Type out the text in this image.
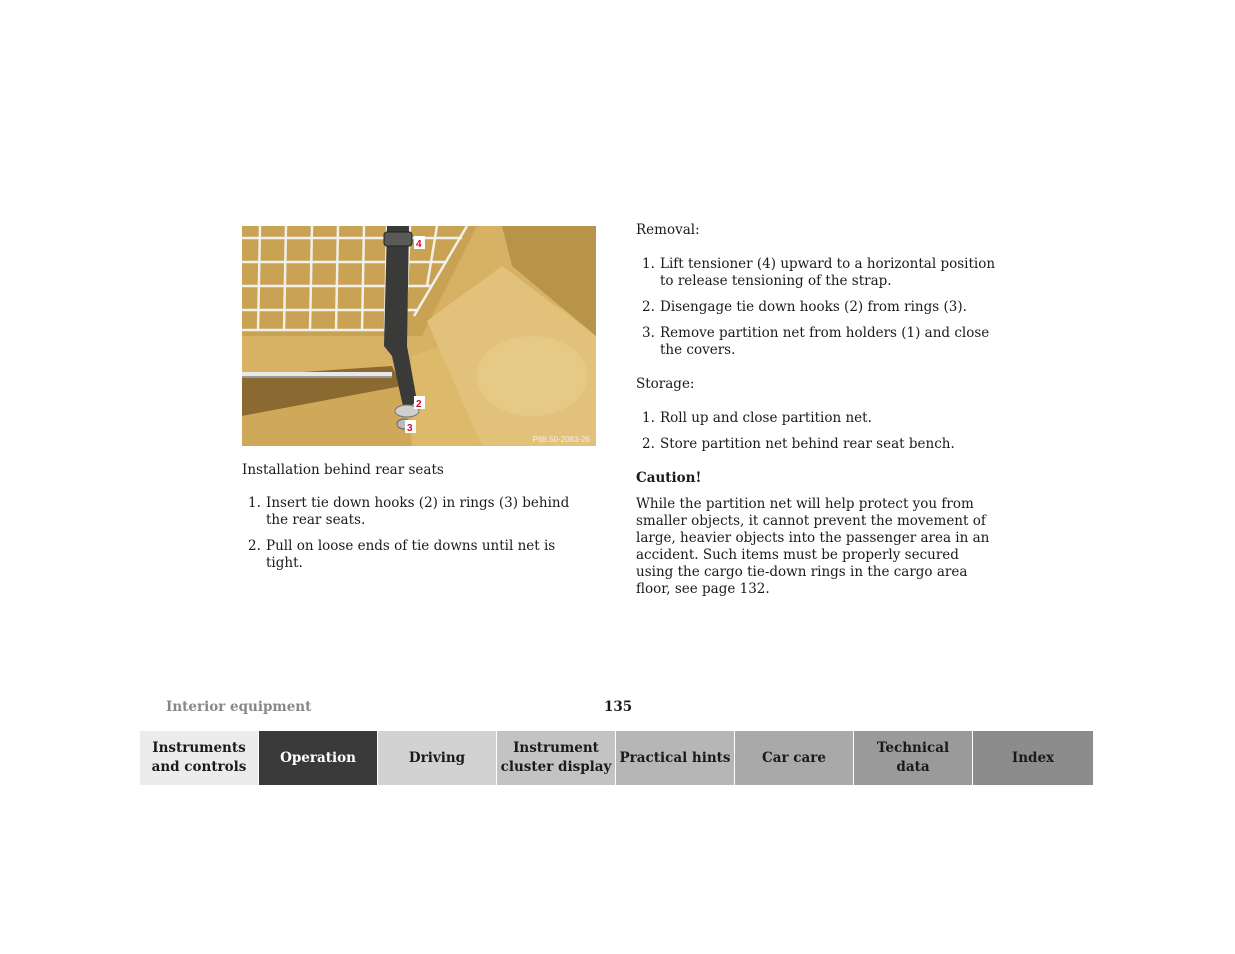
4
2
3
P68.50-2083-26
Installation behind rear seats
1. Insert tie down hooks (2) in rings (3) behind the rear seats.
2. Pull on loose ends of tie downs until net is tight.

Removal:

1. Lift tensioner (4) upward to a horizontal position to release tensioning of the strap.
2. Disengage tie down hooks (2) from rings (3).
3. Remove partition net from holders (1) and close the covers.

Storage:

1. Roll up and close partition net.
2. Store partition net behind rear seat bench.

Caution!

While the partition net will help protect you from smaller objects, it cannot prevent the movement of large, heavier objects into the passenger area in an accident. Such items must be properly secured using the cargo tie-down rings in the cargo area floor, see page 132.

Interior equipment	135
Instruments
and controls
Operation	Driving
Instrument
cluster display
Practical hints Car care
Technical
data
Index
